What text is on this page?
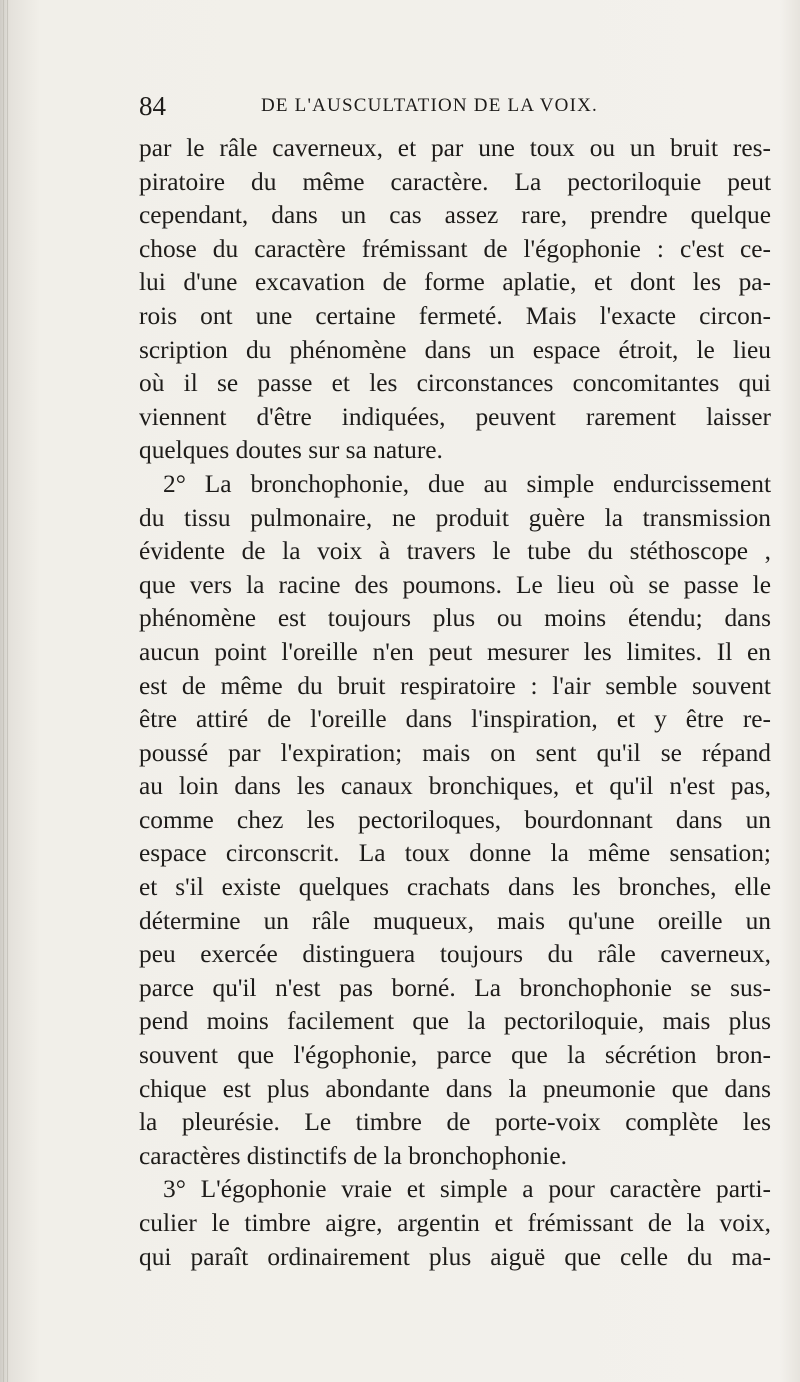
84	DE L'AUSCULTATION DE LA VOIX.
par le râle caverneux, et par une toux ou un bruit res-
piratoire du même caractère. La pectoriloquie peut
cependant, dans un cas assez rare, prendre quelque
chose du caractère frémissant de l'égophonie : c'est ce-
lui d'une excavation de forme aplatie, et dont les pa-
rois ont une certaine fermeté. Mais l'exacte circon-
scription du phénomène dans un espace étroit, le lieu
où il se passe et les circonstances concomitantes qui
viennent d'être indiquées, peuvent rarement laisser
quelques doutes sur sa nature.
2° La bronchophonie, due au simple endurcissement
du tissu pulmonaire, ne produit guère la transmission
évidente de la voix à travers le tube du stéthoscope ,
que vers la racine des poumons. Le lieu où se passe le
phénomène est toujours plus ou moins étendu; dans
aucun point l'oreille n'en peut mesurer les limites. Il en
est de même du bruit respiratoire : l'air semble souvent
être attiré de l'oreille dans l'inspiration, et y être re-
poussé par l'expiration; mais on sent qu'il se répand
au loin dans les canaux bronchiques, et qu'il n'est pas,
comme chez les pectoriloques, bourdonnant dans un
espace circonscrit. La toux donne la même sensation;
et s'il existe quelques crachats dans les bronches, elle
détermine un râle muqueux, mais qu'une oreille un
peu exercée distinguera toujours du râle caverneux,
parce qu'il n'est pas borné. La bronchophonie se sus-
pend moins facilement que la pectoriloquie, mais plus
souvent que l'égophonie, parce que la sécrétion bron-
chique est plus abondante dans la pneumonie que dans
la pleurésie. Le timbre de porte-voix complète les
caractères distinctifs de la bronchophonie.
3° L'égophonie vraie et simple a pour caractère parti-
culier le timbre aigre, argentin et frémissant de la voix,
qui paraît ordinairement plus aiguë que celle du ma-
